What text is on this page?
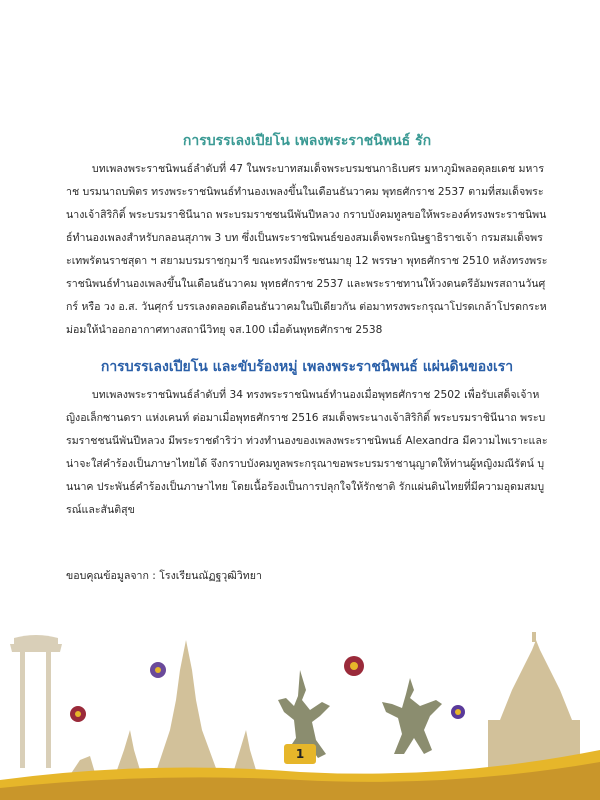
การบรรเลงเปียโน เพลงพระราชนิพนธ์ รัก

บทเพลงพระราชนิพนธ์ลำดับที่ 47 ในพระบาทสมเด็จพระบรมชนกาธิเบศร มหาภูมิพลอดุลยเดช มหาราช บรมนาถบพิตร ทรงพระราชนิพนธ์ทำนองเพลงขึ้นในเดือนธันวาคม พุทธศักราช 2537 ตามที่สมเด็จพระนางเจ้าสิริกิติ์ พระบรมราชินีนาถ พระบรมราชชนนีพันปีหลวง กราบบังคมทูลขอให้พระองค์ทรงพระราชนิพนธ์ทำนองเพลงสำหรับกลอนสุภาพ 3 บท ซึ่งเป็นพระราชนิพนธ์ของสมเด็จพระกนิษฐาธิราชเจ้า กรมสมเด็จพระเทพรัตนราชสุดา ฯ สยามบรมราชกุมารี ขณะทรงมีพระชนมายุ 12 พรรษา พุทธศักราช 2510 หลังทรงพระราชนิพนธ์ทำนองเพลงขึ้นในเดือนธันวาคม พุทธศักราช 2537 และพระราชทานให้วงดนตรีอัมพรสถานวันศุกร์ หรือ วง อ.ส. วันศุกร์ บรรเลงตลอดเดือนธันวาคมในปีเดียวกัน ต่อมาทรงพระกรุณาโปรดเกล้าโปรดกระหม่อมให้นำออกอากาศทางสถานีวิทยุ จส.100 เมื่อต้นพุทธศักราช 2538

การบรรเลงเปียโน และขับร้องหมู่ เพลงพระราชนิพนธ์ แผ่นดินของเรา

บทเพลงพระราชนิพนธ์ลำดับที่ 34 ทรงพระราชนิพนธ์ทำนองเมื่อพุทธศักราช 2502 เพื่อรับเสด็จเจ้าหญิงอเล็กซานดรา แห่งเคนท์ ต่อมาเมื่อพุทธศักราช 2516 สมเด็จพระนางเจ้าสิริกิติ์ พระบรมราชินีนาถ พระบรมราชชนนีพันปีหลวง มีพระราชดำริว่า ท่วงทำนองของเพลงพระราชนิพนธ์ Alexandra มีความไพเราะและน่าจะใส่คำร้องเป็นภาษาไทยได้ จึงกราบบังคมทูลพระกรุณาขอพระบรมราชานุญาตให้ท่านผู้หญิงมณีรัตน์ บุนนาค ประพันธ์คำร้องเป็นภาษาไทย โดยเนื้อร้องเป็นการปลุกใจให้รักชาติ รักแผ่นดินไทยที่มีความอุดมสมบูรณ์และสันติสุข

ขอบคุณข้อมูลจาก : โรงเรียนณัฏฐวุฒิวิทยา
1
